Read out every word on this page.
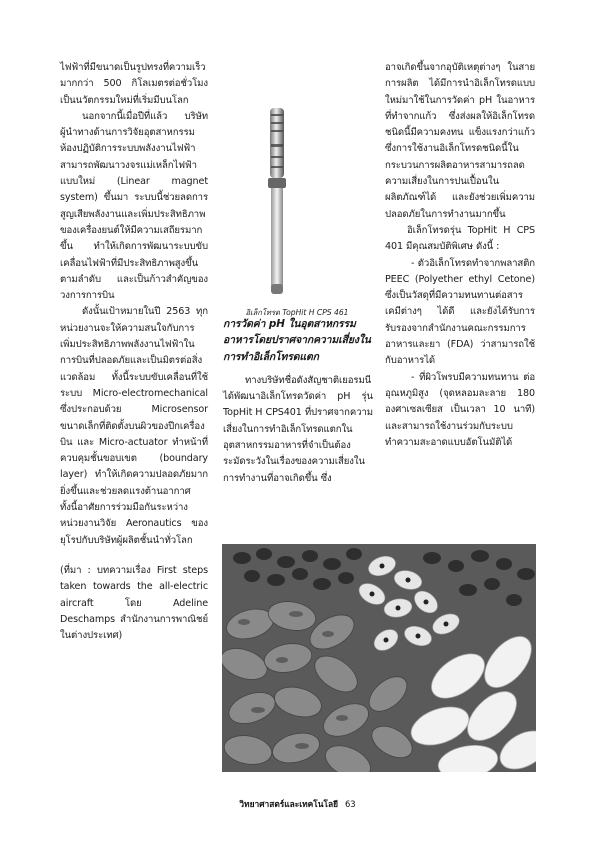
ไฟฟ้าที่มีขนาดเป็นรูปทรงที่ความเร็วมากกว่า 500 กิโลเมตรต่อชั่วโมง เป็นนวัตกรรมใหม่ที่เริ่มมีบนโลก

นอกจากนี้เมื่อปีที่แล้ว บริษัทผู้นำทางด้านการวิจัยอุตสาหกรรมห้องปฏิบัติการระบบพลังงานไฟฟ้าสามารถพัฒนาวงจรแม่เหล็กไฟฟ้าแบบใหม่ (Linear magnet system) ขึ้นมา ระบบนี้ช่วยลดการสูญเสียพลังงานและเพิ่มประสิทธิภาพของเครื่องยนต์ให้มีความเสถียรมากขึ้น ทำให้เกิดการพัฒนาระบบขับเคลื่อนไฟฟ้าที่มีประสิทธิภาพสูงขึ้นตามลำดับ และเป็นก้าวสำคัญของวงการการบิน

ดังนั้นเป้าหมายในปี 2563 ทุกหน่วยงานจะให้ความสนใจกับการเพิ่มประสิทธิภาพพลังงานไฟฟ้าในการบินที่ปลอดภัยและเป็นมิตรต่อสิ่งแวดล้อม ทั้งนี้ระบบขับเคลื่อนที่ใช้ระบบ Micro-electromechanical ซึ่งประกอบด้วย Microsensor ขนาดเล็กที่ติดตั้งบนผิวของปีกเครื่องบิน และ Micro-actuator ทำหน้าที่ควบคุมชั้นขอบเขต (boundary layer) ทำให้เกิดความปลอดภัยมากยิ่งขึ้นและช่วยลดแรงต้านอากาศ ทั้งนี้อาศัยการร่วมมือกันระหว่างหน่วยงานวิจัย Aeronautics ของยุโรปกับบริษัทผู้ผลิตชั้นนำทั่วโลก

(ที่มา : บทความเรื่อง First steps taken towards the all-electric aircraft โดย Adeline Deschamps สำนักงานการพาณิชย์ในต่างประเทศ)

อิเล็กโทรด TopHit H CPS 461

การวัดค่า pH ในอุตสาหกรรมอาหารโดยปราศจากความเสี่ยงในการทำอิเล็กโทรดแตก

ทางบริษัทชื่อดังสัญชาติเยอรมนี ได้พัฒนาอิเล็กโทรดวัดค่า pH รุ่น TopHit H CPS401 ที่ปราศจากความเสี่ยงในการทำอิเล็กโทรดแตกในอุตสาหกรรมอาหารที่จำเป็นต้องระมัดระวังในเรื่องของความเสี่ยงในการทำงานที่อาจเกิดขึ้น ซึ่ง

อาจเกิดขึ้นจากอุบัติเหตุต่างๆ ในสายการผลิต ได้มีการนำอิเล็กโทรดแบบใหม่มาใช้ในการวัดค่า pH ในอาหารที่ทำจากแก้ว ซึ่งส่งผลให้อิเล็กโทรดชนิดนี้มีความคงทน แข็งแรงกว่าแก้ว ซึ่งการใช้งานอิเล็กโทรดชนิดนี้ในกระบวนการผลิตอาหารสามารถลดความเสี่ยงในการปนเปื้อนในผลิตภัณฑ์ได้ และยังช่วยเพิ่มความปลอดภัยในการทำงานมากขึ้น

อิเล็กโทรดรุ่น TopHit H CPS 401 มีคุณสมบัติพิเศษ ดังนี้ :

- ตัวอิเล็กโทรดทำจากพลาสติก PEEC (Polyether ethyl Cetone) ซึ่งเป็นวัสดุที่มีความทนทานต่อสารเคมีต่างๆ ได้ดี และยังได้รับการรับรองจากสำนักงานคณะกรรมการอาหารและยา (FDA) ว่าสามารถใช้กับอาหารได้

- ที่ผิวโพรบมีความทนทาน ต่ออุณหภูมิสูง (จุดหลอมละลาย 180 องศาเซลเซียส เป็นเวลา 10 นาที) และสามารถใช้งานร่วมกับระบบทำความสะอาดแบบอัตโนมัติได้

วิทยาศาสตร์และเทคโนโลยี 63
